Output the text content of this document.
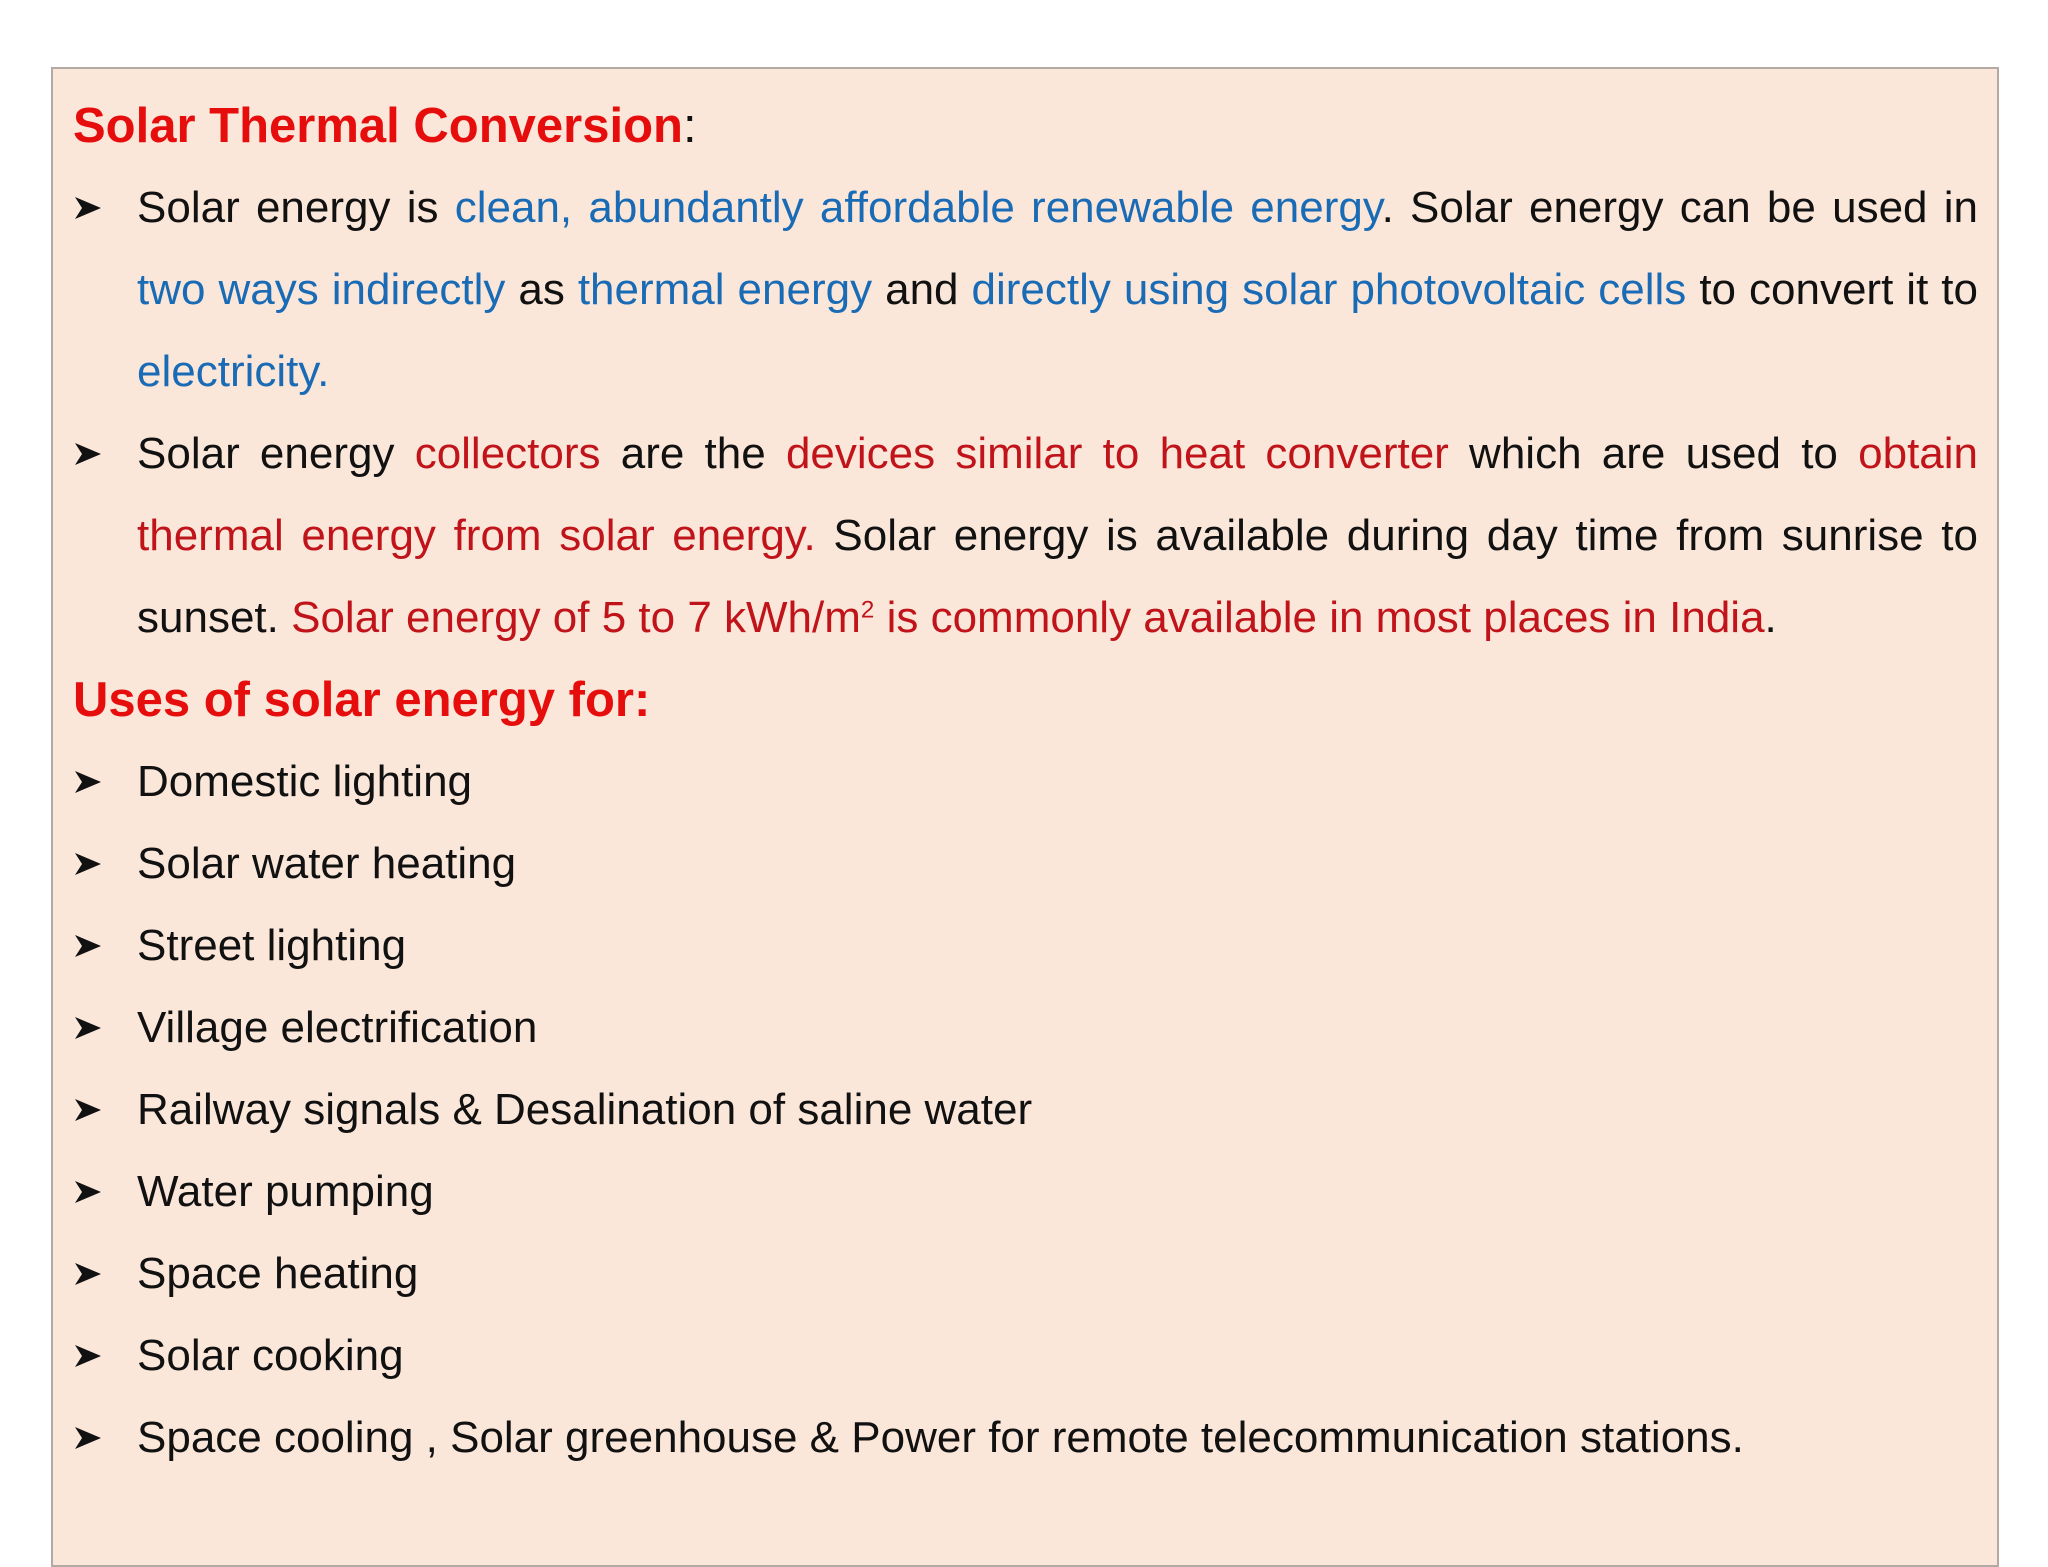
Solar Thermal Conversion:
Solar energy is clean, abundantly affordable renewable energy. Solar energy can be used in two ways indirectly as thermal energy and directly using solar photovoltaic cells to convert it to electricity.
Solar energy collectors are the devices similar to heat converter which are used to obtain thermal energy from solar energy. Solar energy is available during day time from sunrise to sunset. Solar energy of 5 to 7 kWh/$m^2$ is commonly available in most places in India.
Uses of solar energy for:
Domestic lighting
Solar water heating
Street lighting
Village electrification
Railway signals & Desalination of saline water
Water pumping
Space heating
Solar cooking
Space cooling , Solar greenhouse & Power for remote telecommunication stations.
